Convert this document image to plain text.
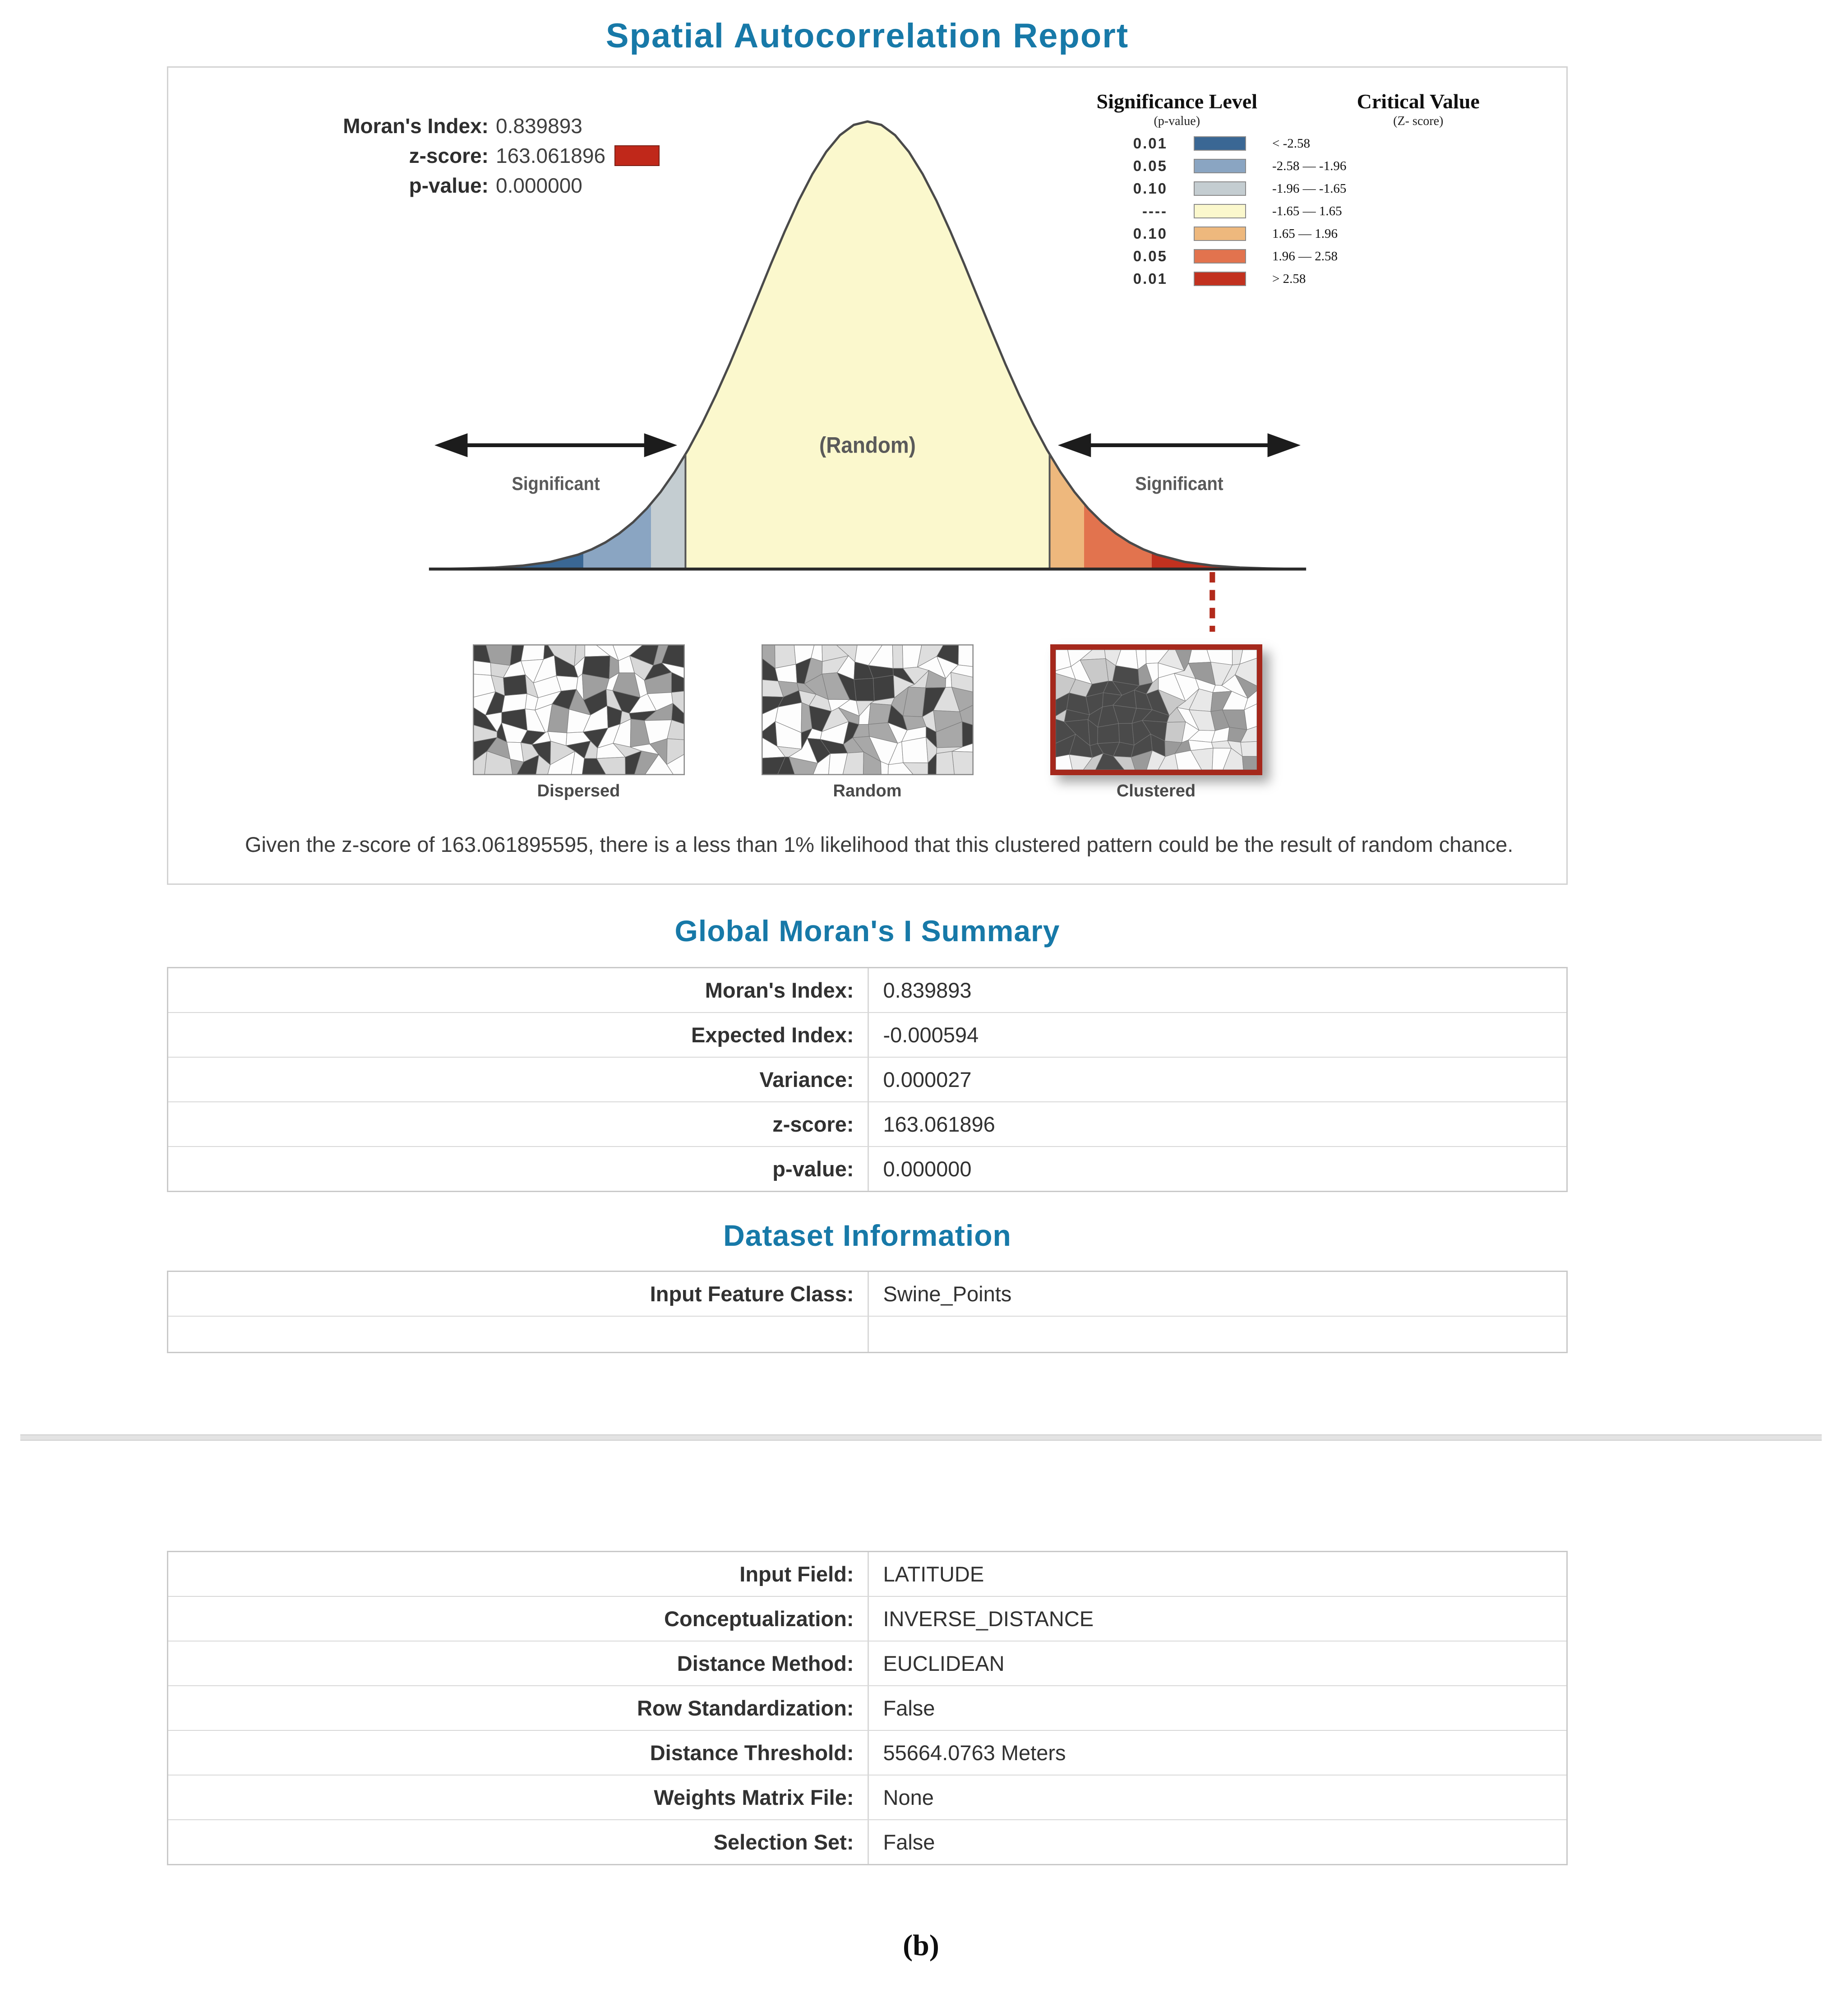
Spatial Autocorrelation Report
Moran's Index: 0.839893
z-score: 163.061896
p-value: 0.000000
Significance Level
(p-value)
Critical Value
(Z- score)
0.01	< -2.58
0.05	-2.58 — -1.96
0.10	-1.96 — -1.65
----	-1.65 — 1.65
0.10	1.65 — 1.96
0.05	1.96 — 2.58
0.01	> 2.58
(Random)
Significant	Significant
Dispersed	Random	Clustered
Given the z-score of 163.061895595, there is a less than 1% likelihood that this clustered pattern could be the result of random chance.
Global Moran's I Summary
Moran's Index:	0.839893
Expected Index:	-0.000594
Variance:	0.000027
z-score:	163.061896
p-value:	0.000000
Dataset Information
Input Feature Class:	Swine_Points
Input Field:	LATITUDE
Conceptualization:	INVERSE_DISTANCE
Distance Method:	EUCLIDEAN
Row Standardization:	False
Distance Threshold:	55664.0763 Meters
Weights Matrix File:	None
Selection Set:	False
(b)
